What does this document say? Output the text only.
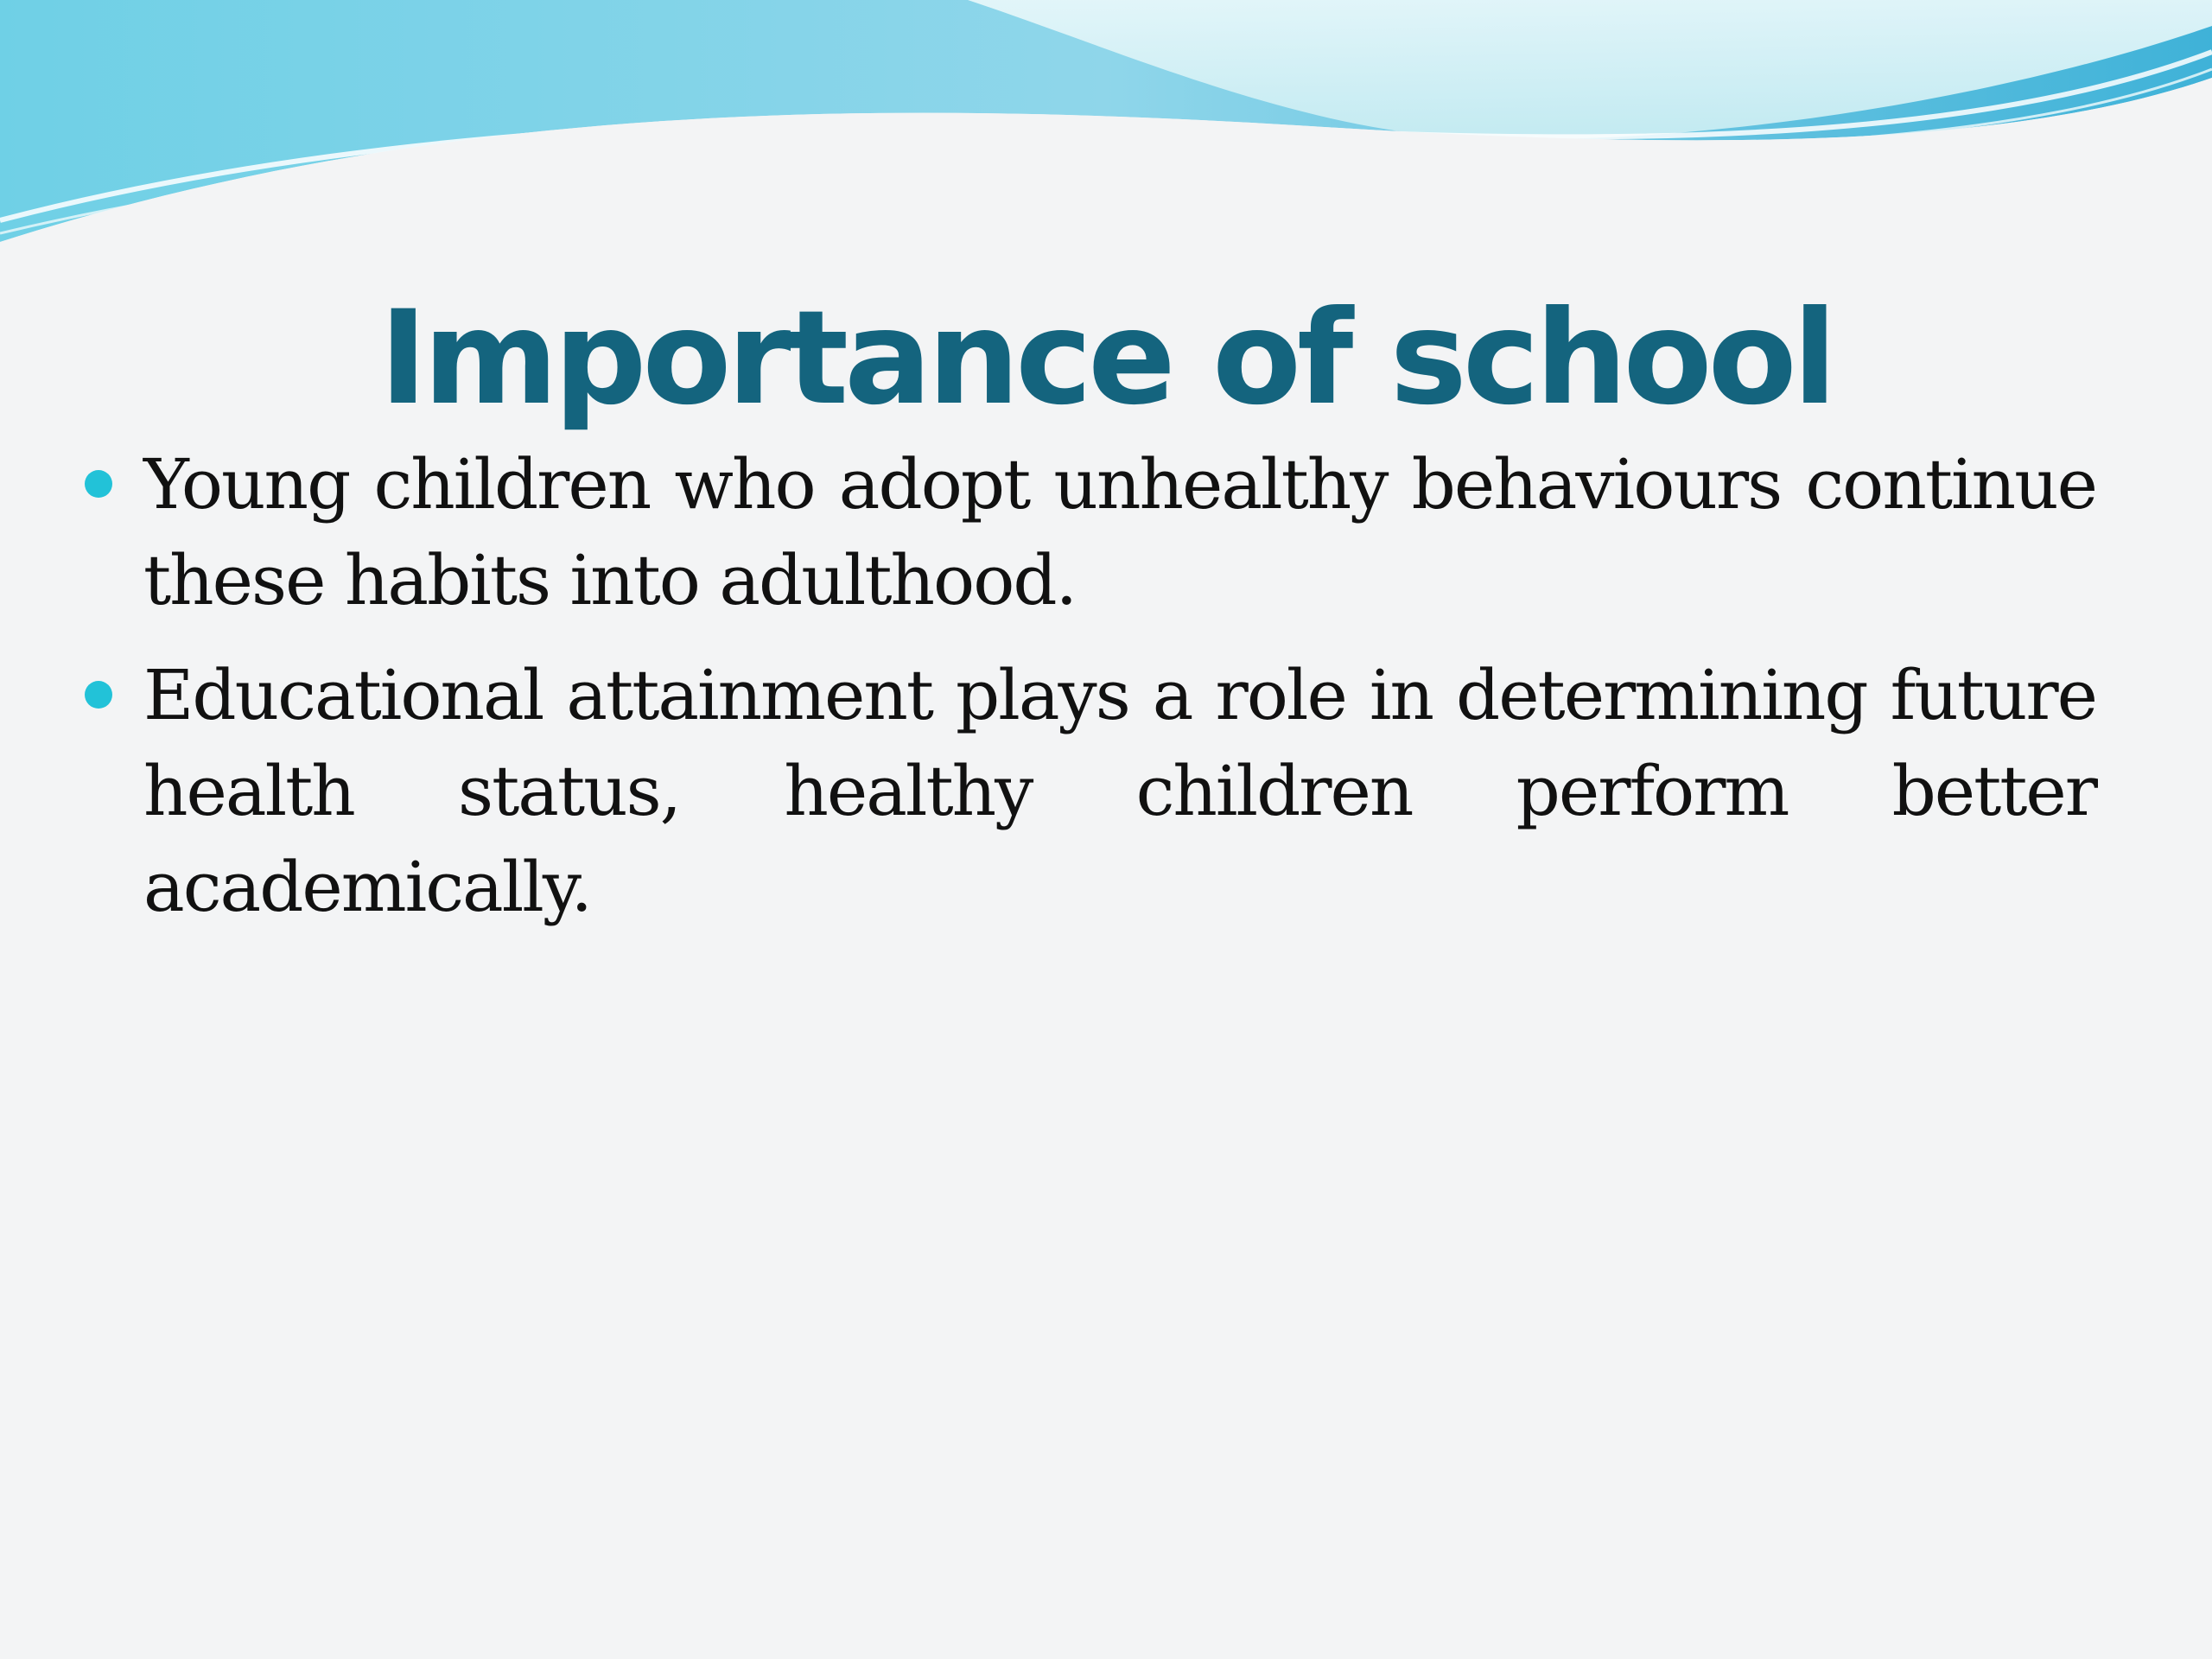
Importance of school
Young children who adopt unhealthy behaviours continue these habits into adulthood.
Educational attainment plays a role in determining future health status, healthy children perform better academically.
